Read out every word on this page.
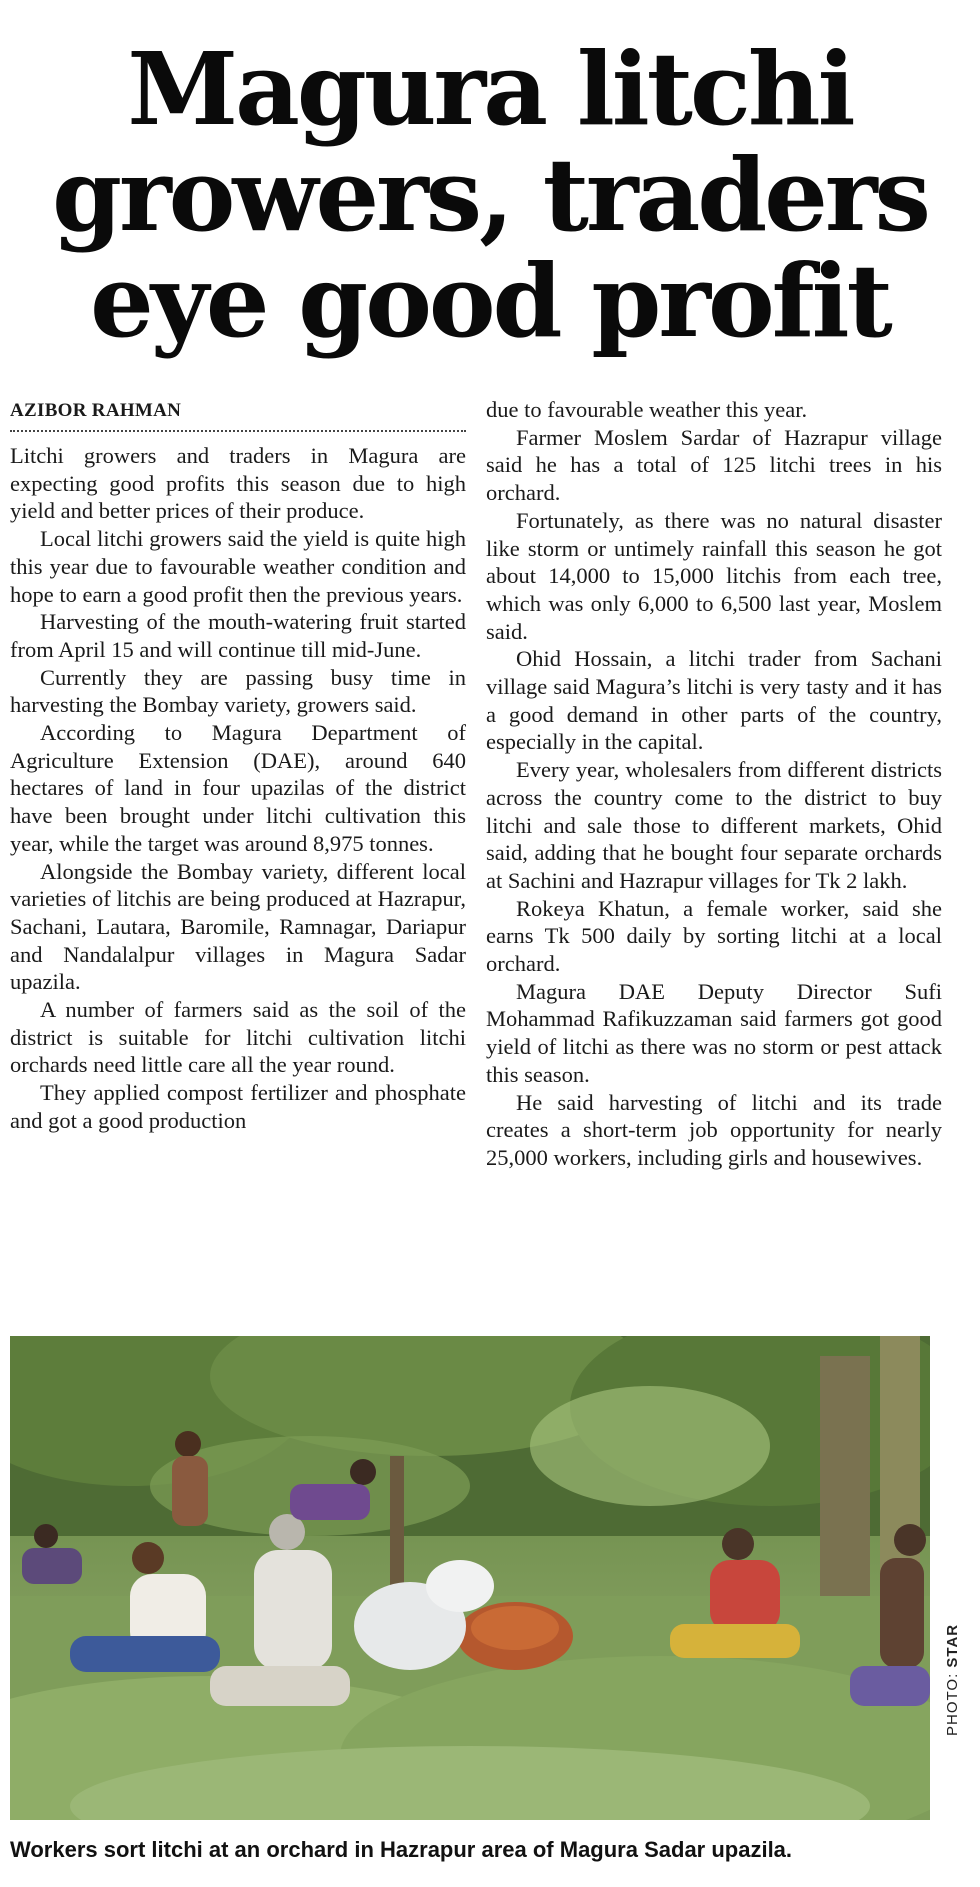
Magura litchi
growers, traders
eye good profit
AZIBOR RAHMAN

Litchi growers and traders in Magura are expecting good profits this season due to high yield and better prices of their produce.

Local litchi growers said the yield is quite high this year due to favourable weather condition and hope to earn a good profit then the previous years.

Harvesting of the mouth-watering fruit started from April 15 and will continue till mid-June.

Currently they are passing busy time in harvesting the Bombay variety, growers said.

According to Magura Department of Agriculture Extension (DAE), around 640 hectares of land in four upazilas of the district have been brought under litchi cultivation this year, while the target was around 8,975 tonnes.

Alongside the Bombay variety, different local varieties of litchis are being produced at Hazrapur, Sachani, Lautara, Baromile, Ramnagar, Dariapur and Nandalalpur villages in Magura Sadar upazila.

A number of farmers said as the soil of the district is suitable for litchi cultivation litchi orchards need little care all the year round.

They applied compost fertilizer and phosphate and got a good production

due to favourable weather this year.

Farmer Moslem Sardar of Hazrapur village said he has a total of 125 litchi trees in his orchard.

Fortunately, as there was no natural disaster like storm or untimely rainfall this season he got about 14,000 to 15,000 litchis from each tree, which was only 6,000 to 6,500 last year, Moslem said.

Ohid Hossain, a litchi trader from Sachani village said Magura’s litchi is very tasty and it has a good demand in other parts of the country, especially in the capital.

Every year, wholesalers from different districts across the country come to the district to buy litchi and sale those to different markets, Ohid said, adding that he bought four separate orchards at Sachini and Hazrapur villages for Tk 2 lakh.

Rokeya Khatun, a female worker, said she earns Tk 500 daily by sorting litchi at a local orchard.

Magura DAE Deputy Director Sufi Mohammad Rafikuzzaman said farmers got good yield of litchi as there was no storm or pest attack this season.

He said harvesting of litchi and its trade creates a short-term job opportunity for nearly 25,000 workers, including girls and housewives.

PHOTO: STAR

Workers sort litchi at an orchard in Hazrapur area of Magura Sadar upazila.
